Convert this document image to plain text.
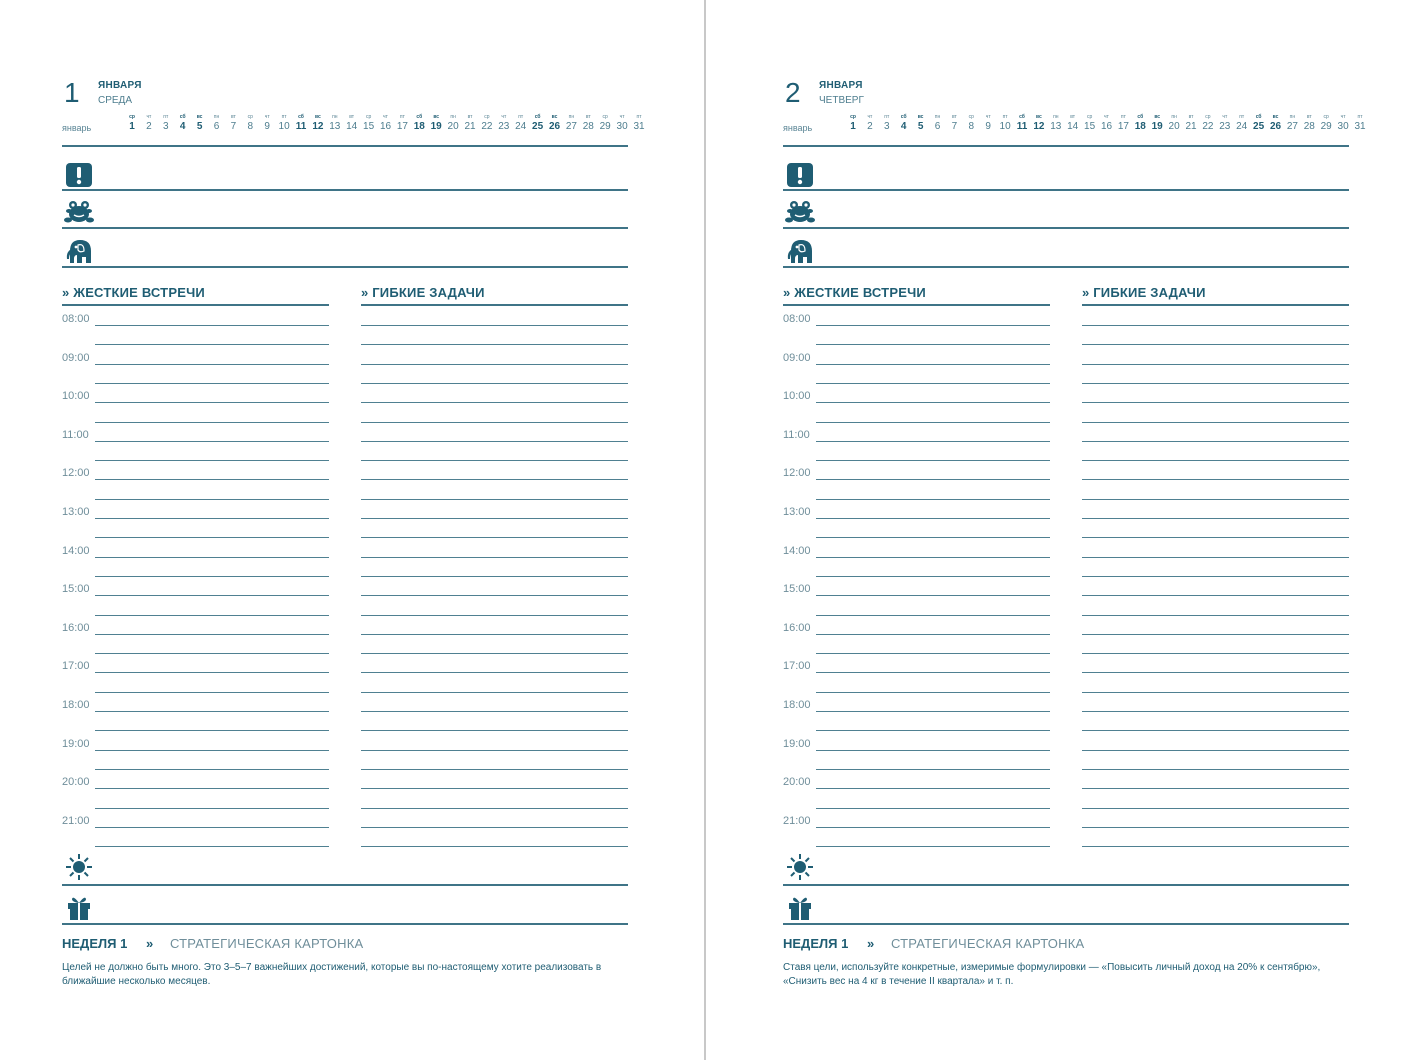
1 ЯНВАРЯ
СРЕДА
январь
ср
1
чт
2
пт
3
сб
4
вс
5
пн
6
вт
7
ср
8
чт
9
пт
10
сб
11
вс
12
пн
13
вт
14
ср
15
чт
16
пт
17
сб
18
вс
19
пн
20
вт
21
ср
22
чт
23
пт
24
сб
25
вс
26
пн
27
вт
28
ср
29
чт
30
пт
31
» ЖЕСТКИЕ ВСТРЕЧИ	» ГИБКИЕ ЗАДАЧИ
НЕДЕЛЯ 1 » СТРАТЕГИЧЕСКАЯ КАРТОНКА
Целей не должно быть много. Это 3–5–7 важнейших достижений, которые вы по-настоящему хотите реализовать в ближайшие несколько месяцев.
08:00
09:00
10:00
11:00
12:00
13:00
14:00
15:00
16:00
17:00
18:00
19:00
20:00
21:00
2 ЯНВАРЯ
ЧЕТВЕРГ
январь
ср
1
чт
2
пт
3
сб
4
вс
5
пн
6
вт
7
ср
8
чт
9
пт
10
сб
11
вс
12
пн
13
вт
14
ср
15
чт
16
пт
17
сб
18
вс
19
пн
20
вт
21
ср
22
чт
23
пт
24
сб
25
вс
26
пн
27
вт
28
ср
29
чт
30
пт
31
» ЖЕСТКИЕ ВСТРЕЧИ	» ГИБКИЕ ЗАДАЧИ
НЕДЕЛЯ 1 » СТРАТЕГИЧЕСКАЯ КАРТОНКА
Ставя цели, используйте конкретные, измеримые формулировки — «Повысить личный доход на 20% к сентябрю», «Снизить вес на 4 кг в течение II квартала» и т. п.
08:00
09:00
10:00
11:00
12:00
13:00
14:00
15:00
16:00
17:00
18:00
19:00
20:00
21:00
